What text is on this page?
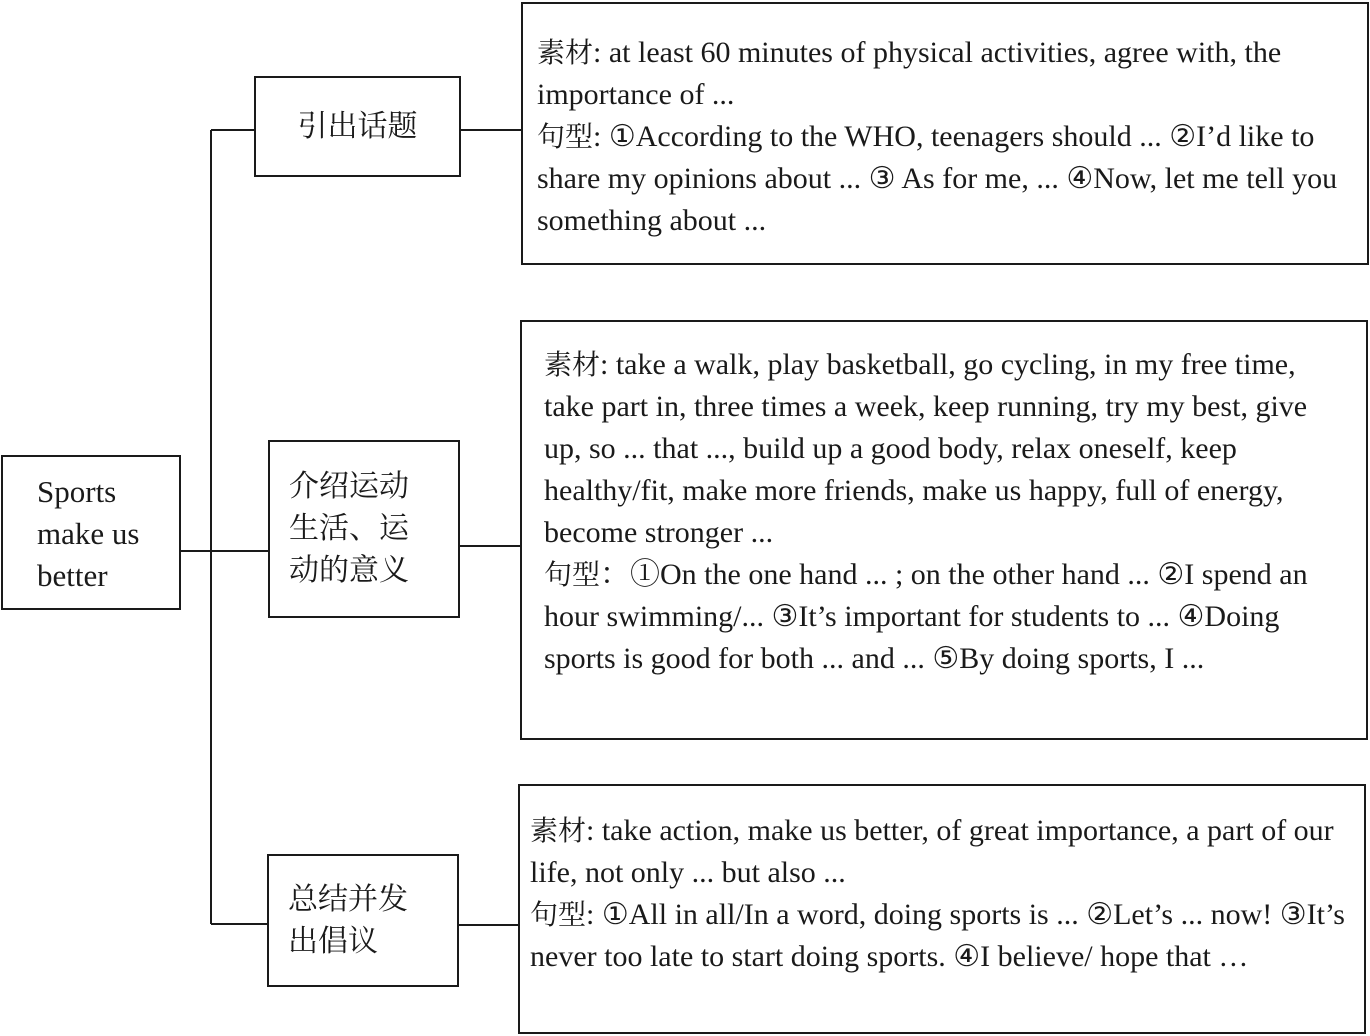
Sports
make us
better
引出话题
介绍运动
生活、运
动的意义
总结并发
出倡议

素材: at least 60 minutes of physical activities, agree with, the importance of ...

句型: ①According to the WHO, teenagers should ... ②I’d like to share my opinions about ... ③ As for me, ... ④Now, let me tell you something about ...

素材: take a walk, play basketball, go cycling, in my free time, take part in, three times a week, keep running, try my best, give up, so ... that ..., build up a good body, relax oneself, keep healthy/fit, make more friends, make us happy, full of energy, become stronger ...

句型：①On the one hand ... ; on the other hand ... ②I spend an hour swimming/... ③It’s important for students to ... ④Doing sports is good for both ... and ... ⑤By doing sports, I ...

素材: take action, make us better, of great importance, a part of our life, not only ... but also ...

句型: ①All in all/In a word, doing sports is ... ②Let’s ... now! ③It’s never too late to start doing sports. ④I believe/ hope that …
